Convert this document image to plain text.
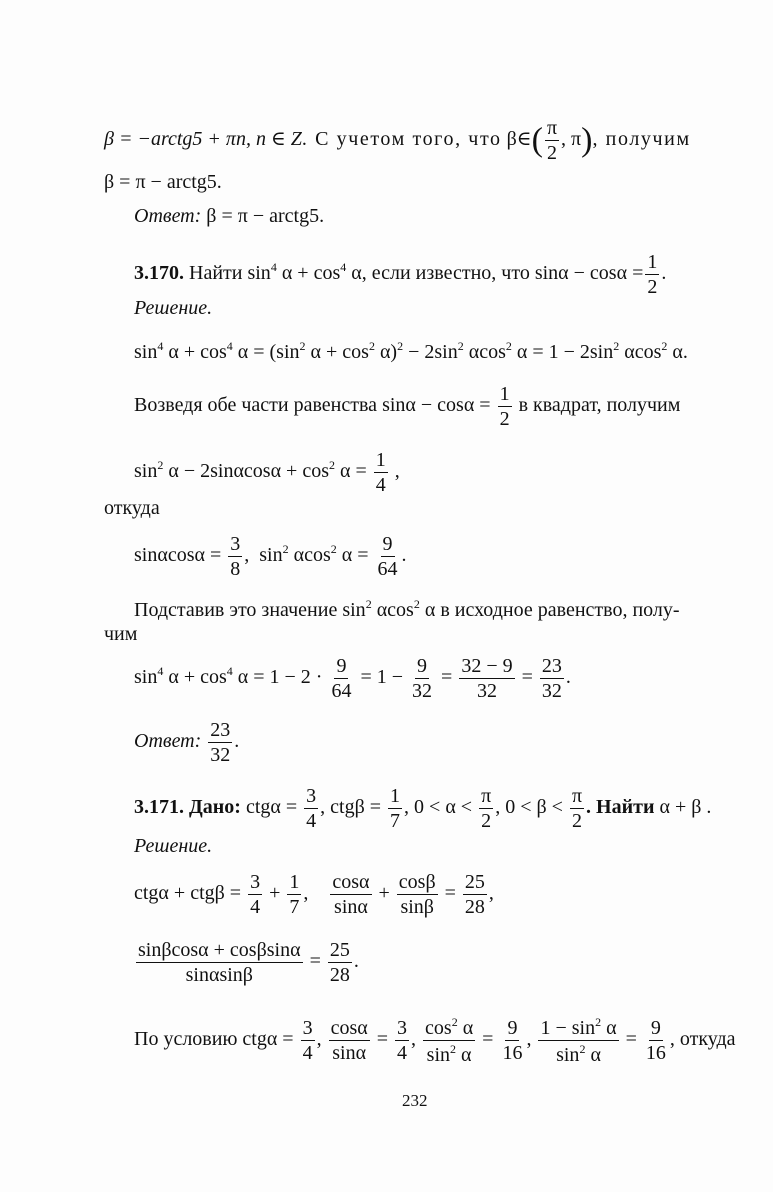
β = −arctg5 + πn, n ∈ Z. С учетом того, что β∈( $\frac{\pi}{2}$ , π), получим
β = π − arctg5.
Ответ: β = π − arctg5.
3.170. Найти $\sin^4 \alpha + \cos^4 \alpha$, если известно, что $\sin\alpha - \cos\alpha = \frac{1}{2}$ .
Решение.
$\sin^4 \alpha + \cos^4 \alpha = (\sin^2$ $\alpha + \cos^2 \alpha)^2 - 2\sin^2$ αcos$^2$ $\alpha = 1 - 2\sin^2$ αcos$^2$ α.
Возведя обе части равенства $\sin\alpha - \cos\alpha = \frac{1}{2}$ в квадрат, получим
$\sin^2 \alpha - 2\sin\alpha\cos\alpha + \cos^2 \alpha = \frac{1}{4}$ ,
откуда
$\sin\alpha\cos\alpha = \frac{3}{8}$ ,  $\sin^2 \alpha\cos^2$ $\alpha = \frac{9}{64}$ .
Подставив это значение $\sin^2 \alpha\cos^2$ α в исходное равенство, полу-
чим
$\sin^4 \alpha + \cos^4 \alpha = 1 - 2 \cdot \frac{9}{64} = 1 - \frac{9}{32} = \frac{32 - 9}{32} = \frac{23}{32}$ .
Ответ: $\frac{23}{32}$ .
3.171. Дано: $ctg\alpha = \frac{3}{4}$ , $ctg\beta = \frac{1}{7}$ , $0 < \alpha < \frac{\pi}{2}$ , $0 < \beta < \frac{\pi}{2}$ . Найти α + β .
Решение.
$ctg\alpha + ctg\beta = \frac{3}{4} + \frac{1}{7}$ , $\frac{\cos\alpha}{\sin\alpha} + \frac{\cos\beta}{\sin\beta} = \frac{25}{28}$ ,
$\frac{\sin\beta\cos\alpha + \cos\beta\sin\alpha}{\sin\alpha\sin\beta} = \frac{25}{28}$ .
По условию $ctg\alpha = \frac{3}{4}$ , $\frac{\cos\alpha}{\sin\alpha} = \frac{3}{4}$ , $\frac{\cos^2 \alpha}{\sin^2 \alpha} = \frac{9}{16}$ , $\frac{1 - \sin^2 \alpha}{\sin^2 \alpha} = \frac{9}{16}$ , откуда
232
